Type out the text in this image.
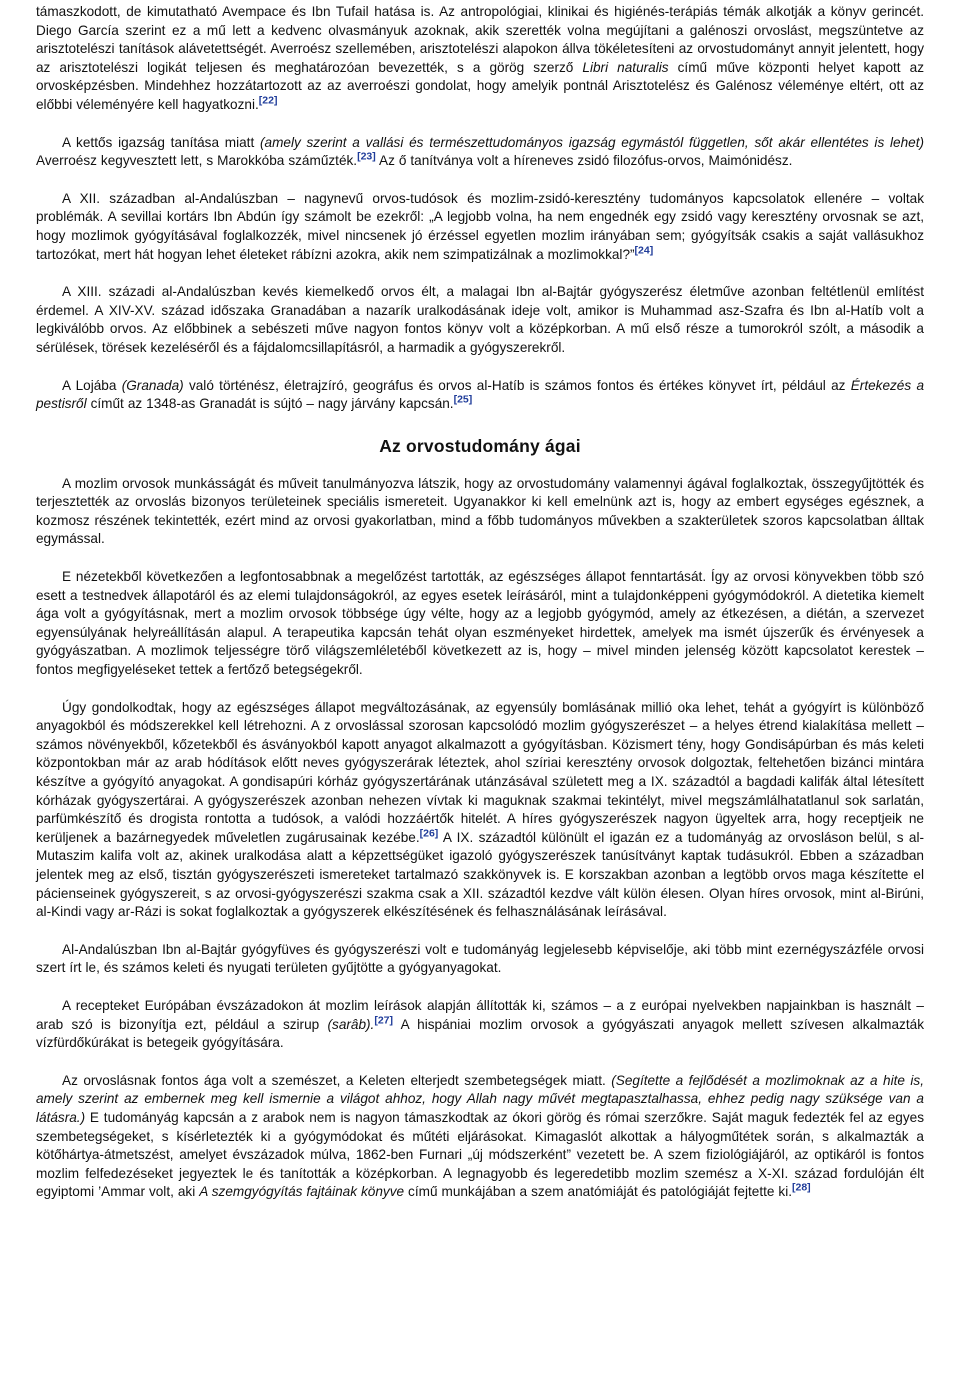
támaszkodott, de kimutatható Avempace és Ibn Tufail hatása is. Az antropológiai, klinikai és higiénés-terápiás témák alkotják a könyv gerincét. Diego García szerint ez a mű lett a kedvenc olvasmányuk azoknak, akik szerették volna megújítani a galénoszi orvoslást, megszüntetve az arisztotelészi tanítások alávetettségét. Averroész szellemében, arisztotelészi alapokon állva tökéletesíteni az orvostudományt annyit jelentett, hogy az arisztotelészi logikát teljesen és meghatározóan bevezették, s a görög szerző Libri naturalis című műve központi helyet kapott az orvosképzésben. Mindehhez hozzátartozott az az averroészi gondolat, hogy amelyik pontnál Arisztotelész és Galénosz véleménye eltért, ott az előbbi véleményére kell hagyatkozni.[22]

A kettős igazság tanítása miatt (amely szerint a vallási és természettudományos igazság egymástól független, sőt akár ellentétes is lehet) Averroész kegyvesztett lett, s Marokkóba száműzték.[23] Az ő tanítványa volt a híreneves zsidó filozófus-orvos, Maimónidész.

A XII. században al-Andalúszban – nagynevű orvos-tudósok és mozlim-zsidó-keresztény tudományos kapcsolatok ellenére – voltak problémák. A sevillai kortárs Ibn Abdún így számolt be ezekről: „A legjobb volna, ha nem engednék egy zsidó vagy keresztény orvosnak se azt, hogy mozlimok gyógyításával foglalkozzék, mivel nincsenek jó érzéssel egyetlen mozlim irányában sem; gyógyítsák csakis a saját vallásukhoz tartozókat, mert hát hogyan lehet életeket rábízni azokra, akik nem szimpatizálnak a mozlimokkal?”[24]

A XIII. századi al-Andalúszban kevés kiemelkedő orvos élt, a malagai Ibn al-Bajtár gyógyszerész életműve azonban feltétlenül említést érdemel. A XIV-XV. század időszaka Granadában a nazarík uralkodásának ideje volt, amikor is Muhammad asz-Szafra és Ibn al-Hatíb volt a legkiválóbb orvos. Az előbbinek a sebészeti műve nagyon fontos könyv volt a középkorban. A mű első része a tumorokról szólt, a második a sérülések, törések kezeléséről és a fájdalomcsillapításról, a harmadik a gyógyszerekről.

A Lojába (Granada) való történész, életrajzíró, geográfus és orvos al-Hatíb is számos fontos és értékes könyvet írt, például az Értekezés a pestisről címűt az 1348-as Granadát is sújtó – nagy járvány kapcsán.[25]

Az orvostudomány ágai

A mozlim orvosok munkásságát és műveit tanulmányozva látszik, hogy az orvostudomány valamennyi ágával foglalkoztak, összegyűjtötték és terjesztették az orvoslás bizonyos területeinek speciális ismereteit. Ugyanakkor ki kell emelnünk azt is, hogy az embert egységes egésznek, a kozmosz részének tekintették, ezért mind az orvosi gyakorlatban, mind a főbb tudományos művekben a szakterületek szoros kapcsolatban álltak egymással.

E nézetekből következően a legfontosabbnak a megelőzést tartották, az egészséges állapot fenntartását. Így az orvosi könyvekben több szó esett a testnedvek állapotáról és az elemi tulajdonságokról, az egyes esetek leírásáról, mint a tulajdonképpeni gyógymódokról. A dietetika kiemelt ága volt a gyógyításnak, mert a mozlim orvosok többsége úgy vélte, hogy az a legjobb gyógymód, amely az étkezésen, a diétán, a szervezet egyensúlyának helyreállításán alapul. A terapeutika kapcsán tehát olyan eszményeket hirdettek, amelyek ma ismét újszerűk és érvényesek a gyógyászatban. A mozlimok teljességre törő világszemléletéből következett az is, hogy – mivel minden jelenség között kapcsolatot kerestek – fontos megfigyeléseket tettek a fertőző betegségekről.

Úgy gondolkodtak, hogy az egészséges állapot megváltozásának, az egyensúly bomlásának millió oka lehet, tehát a gyógyírt is különböző anyagokból és módszerekkel kell létrehozni. A z orvoslással szorosan kapcsolódó mozlim gyógyszerészet – a helyes étrend kialakítása mellett – számos növényekből, kőzetekből és ásványokból kapott anyagot alkalmazott a gyógyításban. Közismert tény, hogy Gondisápúrban és más keleti központokban már az arab hódítások előtt neves gyógyszerárak léteztek, ahol szíriai keresztény orvosok dolgoztak, feltehetően bizánci mintára készítve a gyógyító anyagokat. A gondisapúri kórház gyógyszertárának utánzásával született meg a IX. századtól a bagdadi kalifák által létesített kórházak gyógyszertárai. A gyógyszerészek azonban nehezen vívtak ki maguknak szakmai tekintélyt, mivel megszámlálhatatlanul sok sarlatán, parfümkészítő és drogista rontotta a tudósok, a valódi hozzáértők hitelét. A híres gyógyszerészek nagyon ügyeltek arra, hogy receptjeik ne kerüljenek a bazárnegyedek műveletlen zugárusainak kezébe.[26] A IX. századtól különült el igazán ez a tudományág az orvosláson belül, s al-Mutaszim kalifa volt az, akinek uralkodása alatt a képzettségüket igazoló gyógyszerészek tanúsítványt kaptak tudásukról. Ebben a században jelentek meg az első, tisztán gyógyszerészeti ismereteket tartalmazó szakkönyvek is. E korszakban azonban a legtöbb orvos maga készítette el pácienseinek gyógyszereit, s az orvosi-gyógyszerészi szakma csak a XII. századtól kezdve vált külön élesen. Olyan híres orvosok, mint al-Birúni, al-Kindi vagy ar-Rázi is sokat foglalkoztak a gyógyszerek elkészítésének és felhasználásának leírásával.

Al-Andalúszban Ibn al-Bajtár gyógyfüves és gyógyszerészi volt e tudományág legjelesebb képviselője, aki több mint ezernégyszázféle orvosi szert írt le, és számos keleti és nyugati területen gyűjtötte a gyógyanyagokat.

A recepteket Európában évszázadokon át mozlim leírások alapján állították ki, számos – a z európai nyelvekben napjainkban is használt – arab szó is bizonyítja ezt, például a szirup (sarâb).[27] A hispániai mozlim orvosok a gyógyászati anyagok mellett szívesen alkalmazták vízfürdőkúrákat is betegeik gyógyítására.

Az orvoslásnak fontos ága volt a szemészet, a Keleten elterjedt szembetegségek miatt. (Segítette a fejlődését a mozlimoknak az a hite is, amely szerint az embernek meg kell ismernie a világot ahhoz, hogy Allah nagy művét megtapasztalhassa, ehhez pedig nagy szüksége van a látásra.) E tudományág kapcsán a z arabok nem is nagyon támaszkodtak az ókori görög és római szerzőkre. Saját maguk fedezték fel az egyes szembetegségeket, s kísérletezték ki a gyógymódokat és műtéti eljárásokat. Kimagaslót alkottak a hályogműtétek során, s alkalmazták a kötőhártya-átmetszést, amelyet évszázadok múlva, 1862-ben Furnari „új módszerként” vezetett be. A szem fiziológiájáról, az optikáról is fontos mozlim felfedezéseket jegyeztek le és tanították a középkorban. A legnagyobb és legeredetibb mozlim szemész a X-XI. század fordulóján élt egyiptomi ’Ammar volt, aki A szemgyógyítás fajtáinak könyve című munkájában a szem anatómiáját és patológiáját fejtette ki.[28]
